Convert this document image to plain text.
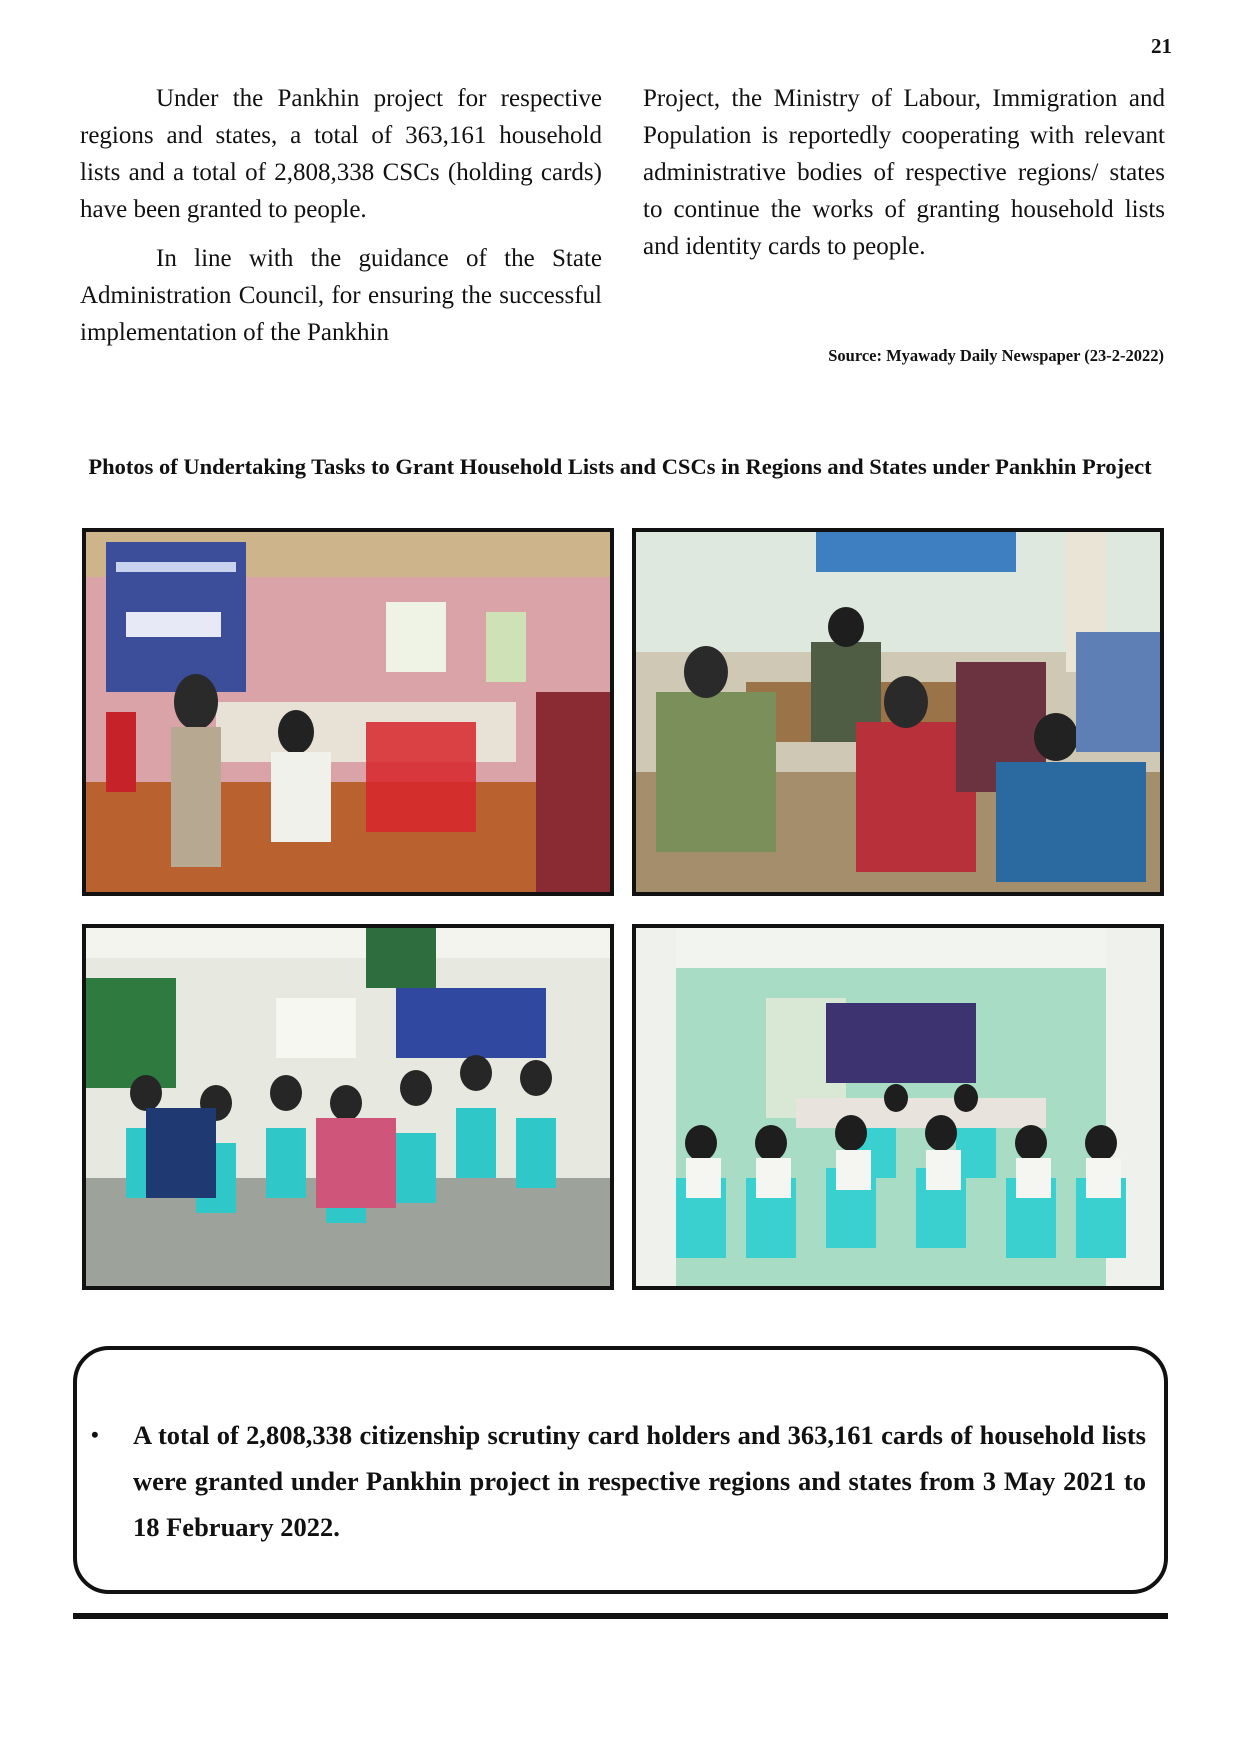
21

Under the Pankhin project for respective regions and states, a total of 363,161 household lists and a total of 2,808,338 CSCs (holding cards) have been granted to people.

In line with the guidance of the State Administration Council, for ensuring the successful implementation of the Pankhin

Project, the Ministry of Labour, Immigration and Population is reportedly cooperating with relevant administrative bodies of respective regions/ states to continue the works of granting household lists and identity cards to people.

Source: Myawady Daily Newspaper (23-2-2022)
Photos of Undertaking Tasks to Grant Household Lists and CSCs in Regions and States under Pankhin Project
• A total of 2,808,338 citizenship scrutiny card holders and 363,161 cards of household lists were granted under Pankhin project in respective regions and states from 3 May 2021 to 18 February 2022.
